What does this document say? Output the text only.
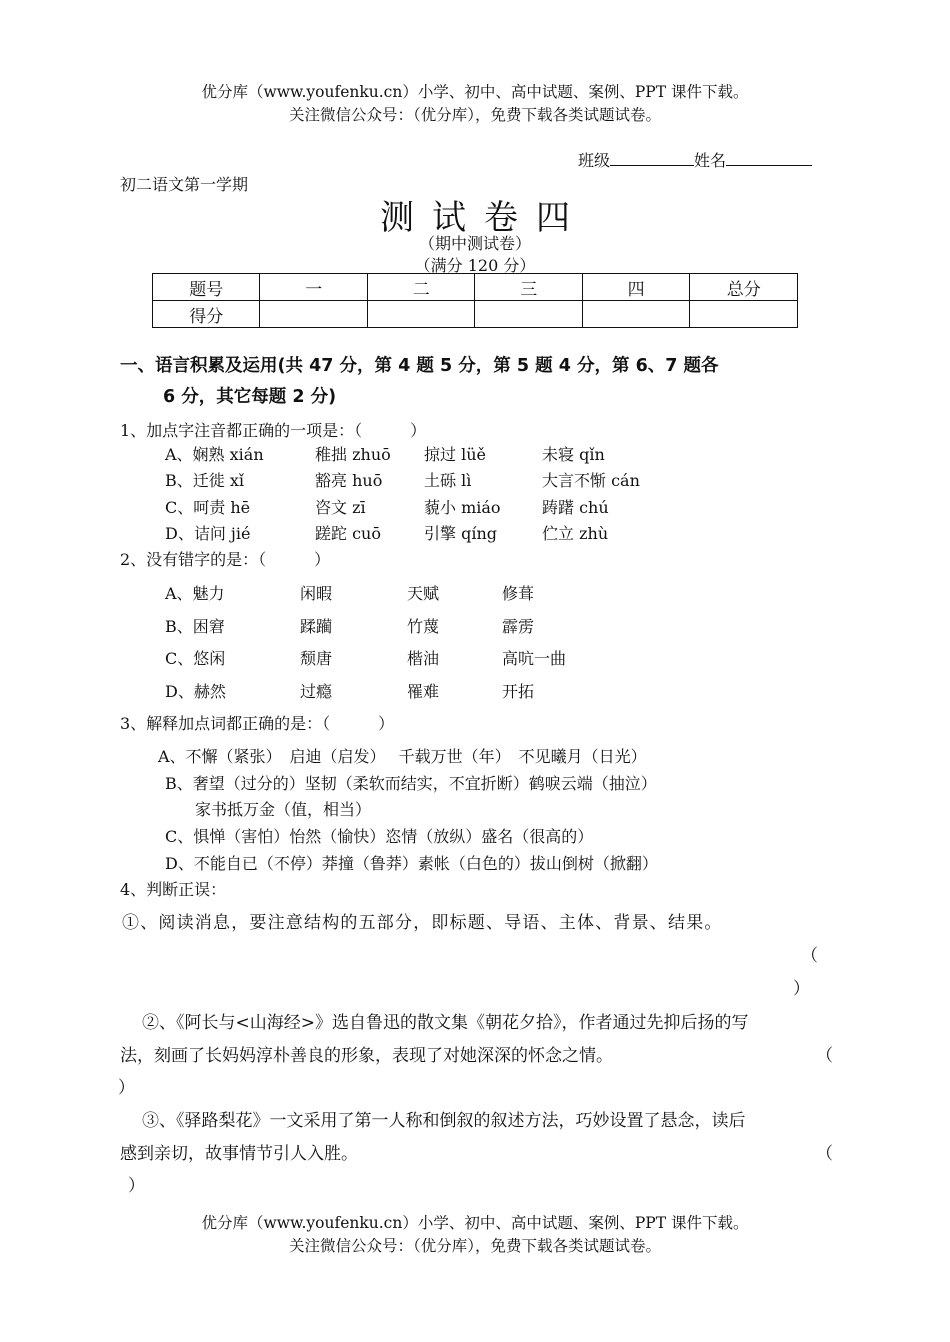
优分库（www.youfenku.cn）小学、初中、高中试题、案例、PPT 课件下载。
关注微信公众号：（优分库），免费下载各类试题试卷。
班级	姓名
初二语文第一学期
测试卷四
（期中测试卷）
（满分 120 分）
题号	一	二	三	四	总分
得分					
一、语言积累及运用(共 47 分，第 4 题 5 分，第 5 题 4 分，第 6、7 题各
6 分，其它每题 2 分)
1、加点字注音都正确的一项是：（　　　）
A、娴熟 xián	稚拙 zhuō 掠过 lüě	未寝 qǐn
B、迁徙 xǐ	豁亮 huō	土砾 lì	大言不惭 cán
C、呵责 hē	咨文 zī	藐小 miáo	踌躇 chú
D、诘问 jié	蹉跎 cuō	引擎 qíng	伫立 zhù
2、没有错字的是：（　　　）
A、魅力	闲暇	天赋	修葺
B、困窘	蹂躏	竹蔑	霹雳
C、悠闲	颓唐	楷油	高吭一曲
D、赫然	过瘾	罹难	开拓
3、解释加点词都正确的是：（　　　）
A、不懈（紧张）　启迪（启发）　 千载万世（年）　不见曦月（日光）
B、奢望（过分的）坚韧（柔软而结实，不宜折断）鹤唳云端（抽泣）
家书抵万金（值，相当）
C、惧惮（害怕）怡然（愉快）恣情（放纵）盛名（很高的）
D、不能自已（不停）莽撞（鲁莽）素帐（白色的）拔山倒树（掀翻）
4、判断正误：
①、阅读消息，要注意结构的五部分，即标题、导语、主体、背景、结果。
（
）
②、《阿长与<山海经>》选自鲁迅的散文集《朝花夕拾》，作者通过先抑后扬的写
法，刻画了长妈妈淳朴善良的形象，表现了对她深深的怀念之情。	（
）
③、《驿路梨花》一文采用了第一人称和倒叙的叙述方法，巧妙设置了悬念，读后
感到亲切，故事情节引人入胜。	（
）
优分库（www.youfenku.cn）小学、初中、高中试题、案例、PPT 课件下载。
关注微信公众号：（优分库），免费下载各类试题试卷。
